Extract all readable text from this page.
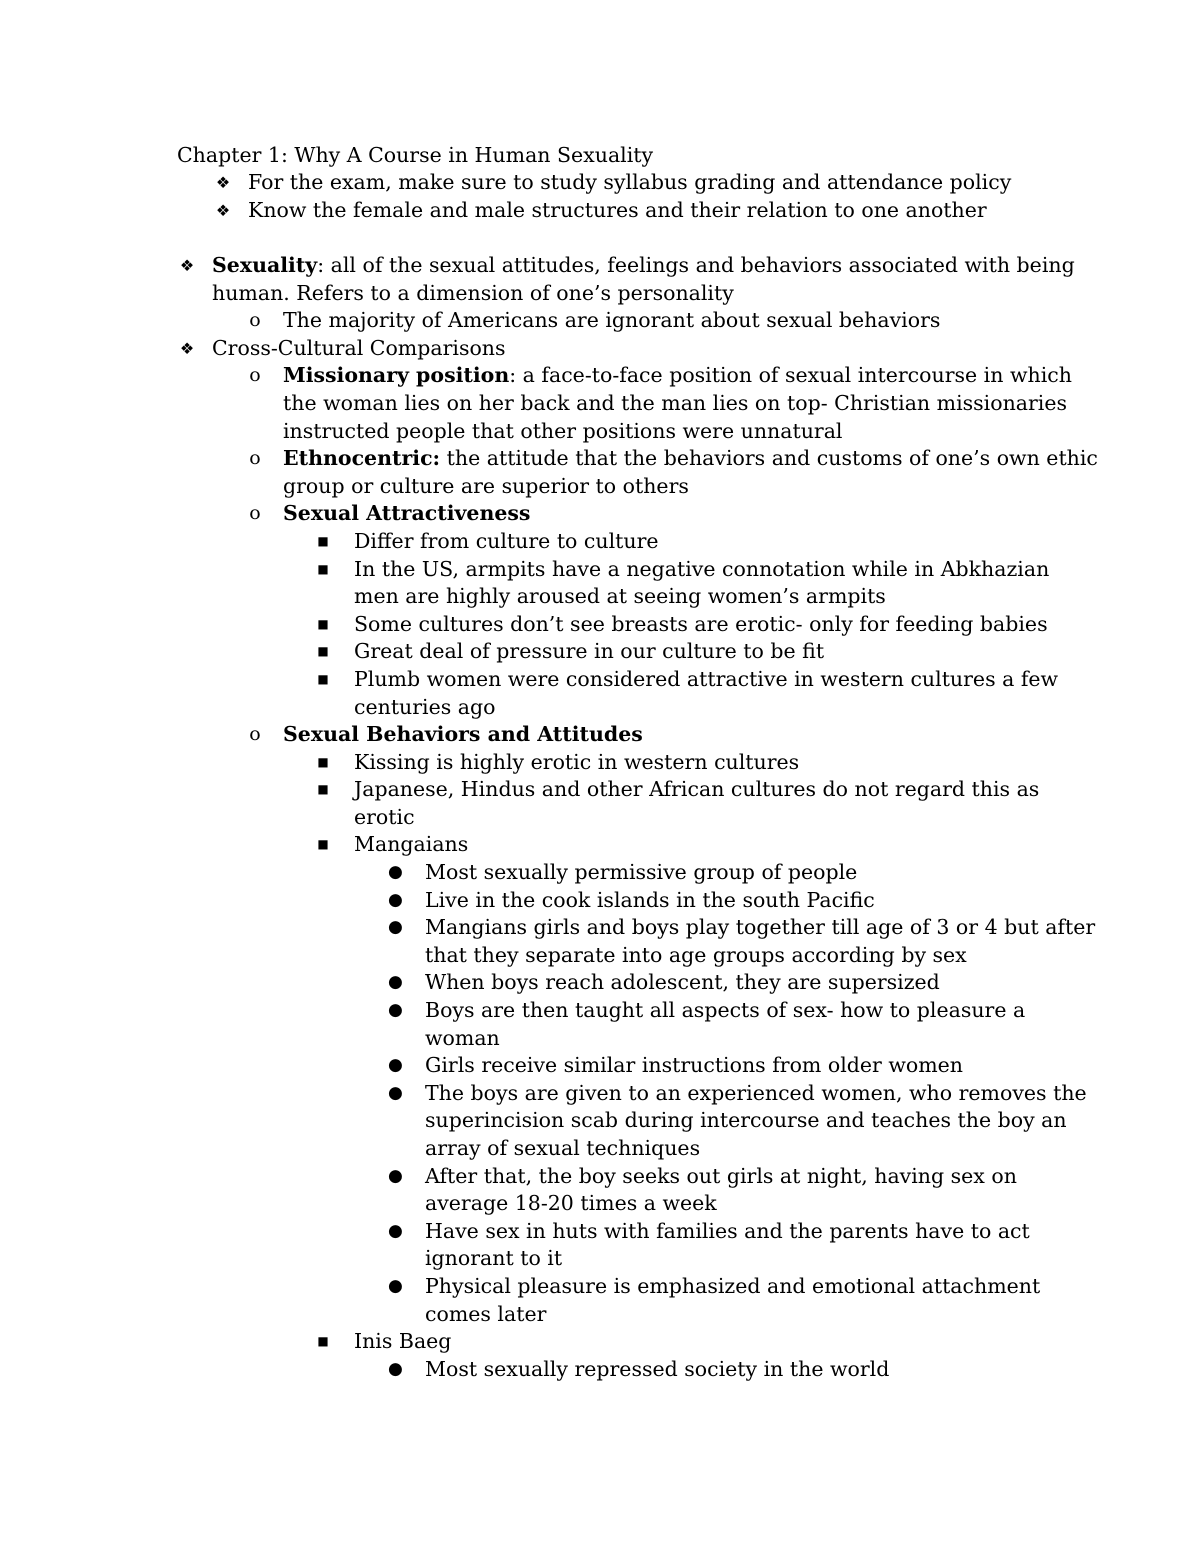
Chapter 1: Why A Course in Human Sexuality
❖ For the exam, make sure to study syllabus grading and attendance policy
❖ Know the female and male structures and their relation to one another
❖ Sexuality: all of the sexual attitudes, feelings and behaviors associated with being human. Refers to a dimension of one’s personality
o The majority of Americans are ignorant about sexual behaviors
❖ Cross-Cultural Comparisons
o Missionary position: a face-to-face position of sexual intercourse in which the woman lies on her back and the man lies on top- Christian missionaries instructed people that other positions were unnatural
o Ethnocentric: the attitude that the behaviors and customs of one’s own ethic group or culture are superior to others
o Sexual Attractiveness
■ Differ from culture to culture
■ In the US, armpits have a negative connotation while in Abkhazian men are highly aroused at seeing women’s armpits
■ Some cultures don’t see breasts are erotic- only for feeding babies
■ Great deal of pressure in our culture to be fit
■ Plumb women were considered attractive in western cultures a few centuries ago
o Sexual Behaviors and Attitudes
■ Kissing is highly erotic in western cultures
■ Japanese, Hindus and other African cultures do not regard this as erotic
■ Mangaians
● Most sexually permissive group of people
● Live in the cook islands in the south Pacific
● Mangians girls and boys play together till age of 3 or 4 but after that they separate into age groups according by sex
● When boys reach adolescent, they are supersized
● Boys are then taught all aspects of sex- how to pleasure a woman
● Girls receive similar instructions from older women
● The boys are given to an experienced women, who removes the superincision scab during intercourse and teaches the boy an array of sexual techniques
● After that, the boy seeks out girls at night, having sex on average 18-20 times a week
● Have sex in huts with families and the parents have to act ignorant to it
● Physical pleasure is emphasized and emotional attachment comes later
■ Inis Baeg
● Most sexually repressed society in the world
